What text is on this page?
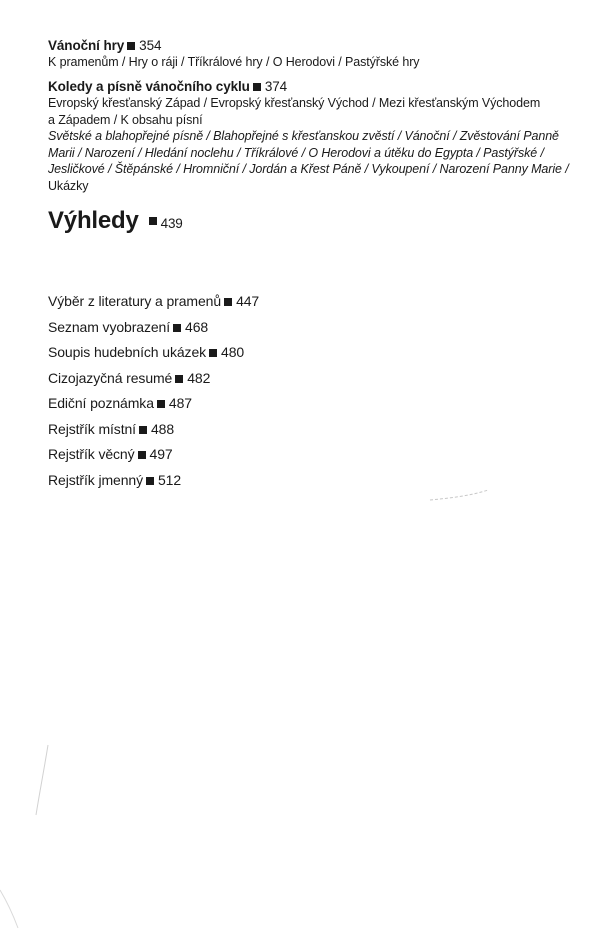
Vánoční hry 354
K pramenům / Hry o ráji / Tříkrálové hry / O Herodovi / Pastýřské hry
Koledy a písně vánočního cyklu 374
Evropský křesťanský Západ / Evropský křesťanský Východ / Mezi křesťanským Východem
a Západem / K obsahu písní
Světské a blahopřejné písně / Blahopřejné s křesťanskou zvěstí / Vánoční / Zvěstování Panně
Marii / Narození / Hledání noclehu / Tříkrálové / O Herodovi a útěku do Egypta / Pastýřské /
Jesličkové / Štěpánské / Hromniční / Jordán a Křest Páně / Vykoupení / Narození Panny Marie /
Ukázky
Výhledy 439
Výběr z literatury a pramenů 447
Seznam vyobrazení 468
Soupis hudebních ukázek 480
Cizojazyčná resumé 482
Ediční poznámka 487
Rejstřík místní 488
Rejstřík věcný 497
Rejstřík jmenný 512
